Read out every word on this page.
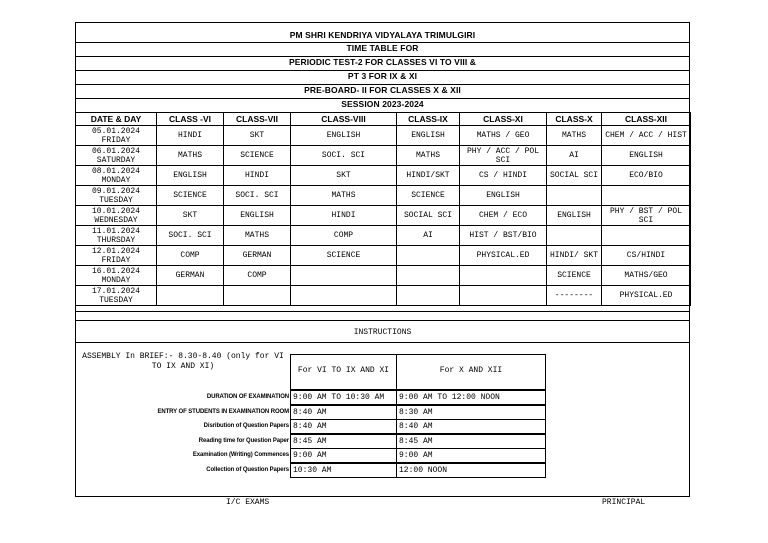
PM SHRI KENDRIYA VIDYALAYA TRIMULGIRI
TIME TABLE FOR
PERIODIC TEST-2 FOR CLASSES VI TO VIII &
PT 3 FOR IX & XI
PRE-BOARD- II FOR CLASSES X & XII
SESSION 2023-2024
DATE & DAY	CLASS -VI	CLASS-VII	CLASS-VIII	CLASS-IX	CLASS-XI	CLASS-X	CLASS-XII

05.01.2024
FRIDAY	HINDI	SKT	ENGLISH	ENGLISH	MATHS / GEO	MATHS	CHEM / ACC / HIST

06.01.2024
SATURDAY	MATHS	SCIENCE	SOCI. SCI	MATHS	PHY / ACC / POL SCI	AI	ENGLISH

08.01.2024
MONDAY	ENGLISH	HINDI	SKT	HINDI/SKT	CS / HINDI	SOCIAL SCI	ECO/BIO

09.01.2024
TUESDAY	SCIENCE	SOCI. SCI	MATHS	SCIENCE	ENGLISH		

10.01.2024
WEDNESDAY	SKT	ENGLISH	HINDI	SOCIAL SCI	CHEM / ECO	ENGLISH	PHY / BST / POL SCI

11.01.2024
THURSDAY	SOCI. SCI	MATHS	COMP	AI	HIST / BST/BIO		

12.01.2024
FRIDAY	COMP	GERMAN	SCIENCE		PHYSICAL.ED	HINDI/ SKT	CS/HINDI

16.01.2024
MONDAY	GERMAN	COMP				SCIENCE	MATHS/GEO

17.01.2024
TUESDAY						--------	PHYSICAL.ED
INSTRUCTIONS
ASSEMBLY In BRIEF:- 8.30-8.40 (only for VI TO IX AND XI)	For VI TO IX AND XI	For X AND XII
DURATION OF EXAMINATION 9:00 AM TO 10:30 AM	9:00 AM TO 12:00 NOON
ENTRY OF STUDENTS IN EXAMINATION ROOM 8:40 AM	8:30 AM
Disribution of Question Papers 8:40 AM	8:40 AM
Reading time for Question Paper 8:45 AM	8:45 AM
Examination (Writing) Commences 9:00 AM	9:00 AM
Collection of Question Papers 10:30 AM	12:00 NOON
I/C EXAMS	PRINCIPAL
